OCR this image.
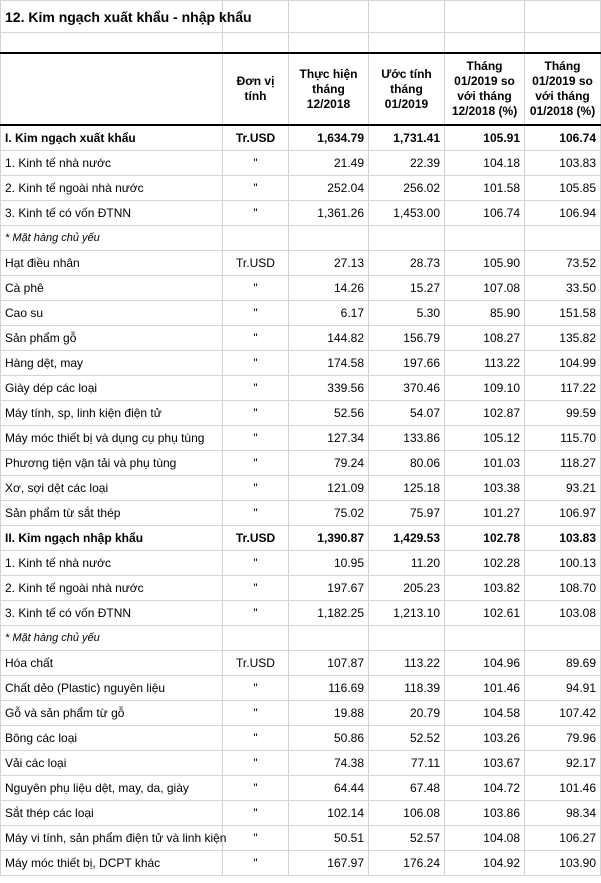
12. Kim ngạch xuất khẩu - nhập khẩu					

	Đơn vị tính	Thực hiện tháng 12/2018	Ước tính tháng 01/2019	Tháng 01/2019 so với tháng 12/2018 (%)	Tháng 01/2019 so với tháng 01/2018 (%)
I. Kim ngạch xuất khẩu	Tr.USD	1,634.79	1,731.41	105.91	106.74
1. Kinh tế nhà nước	"	21.49	22.39	104.18	103.83
2. Kinh tế ngoài nhà nước	"	252.04	256.02	101.58	105.85
3. Kinh tế có vốn ĐTNN	"	1,361.26	1,453.00	106.74	106.94
* Mặt hàng chủ yếu					
Hạt điều nhân	Tr.USD	27.13	28.73	105.90	73.52
Cà phê	"	14.26	15.27	107.08	33.50
Cao su	"	6.17	5.30	85.90	151.58
Sản phẩm gỗ	"	144.82	156.79	108.27	135.82
Hàng dệt, may	"	174.58	197.66	113.22	104.99
Giày dép các loại	"	339.56	370.46	109.10	117.22
Máy tính, sp, linh kiện điện tử	"	52.56	54.07	102.87	99.59
Máy móc thiết bị và dụng cụ phụ tùng	"	127.34	133.86	105.12	115.70
Phương tiện vận tải và phụ tùng	"	79.24	80.06	101.03	118.27
Xơ, sợi dệt các loại	"	121.09	125.18	103.38	93.21
Sản phẩm từ sắt thép	"	75.02	75.97	101.27	106.97
II. Kim ngạch nhập khẩu	Tr.USD	1,390.87	1,429.53	102.78	103.83
1. Kinh tế nhà nước	"	10.95	11.20	102.28	100.13
2. Kinh tế ngoài nhà nước	"	197.67	205.23	103.82	108.70
3. Kinh tế có vốn ĐTNN	"	1,182.25	1,213.10	102.61	103.08
* Mặt hàng chủ yếu					
Hóa chất	Tr.USD	107.87	113.22	104.96	89.69
Chất dẻo (Plastic) nguyên liệu	"	116.69	118.39	101.46	94.91
Gỗ và sản phẩm từ gỗ	"	19.88	20.79	104.58	107.42
Bông các loại	"	50.86	52.52	103.26	79.96
Vải các loại	"	74.38	77.11	103.67	92.17
Nguyên phụ liệu dệt, may, da, giày	"	64.44	67.48	104.72	101.46
Sắt thép các loại	"	102.14	106.08	103.86	98.34
Máy vi tính, sản phẩm điện tử và linh kiện	"	50.51	52.57	104.08	106.27
Máy móc thiết bị, DCPT khác	"	167.97	176.24	104.92	103.90
